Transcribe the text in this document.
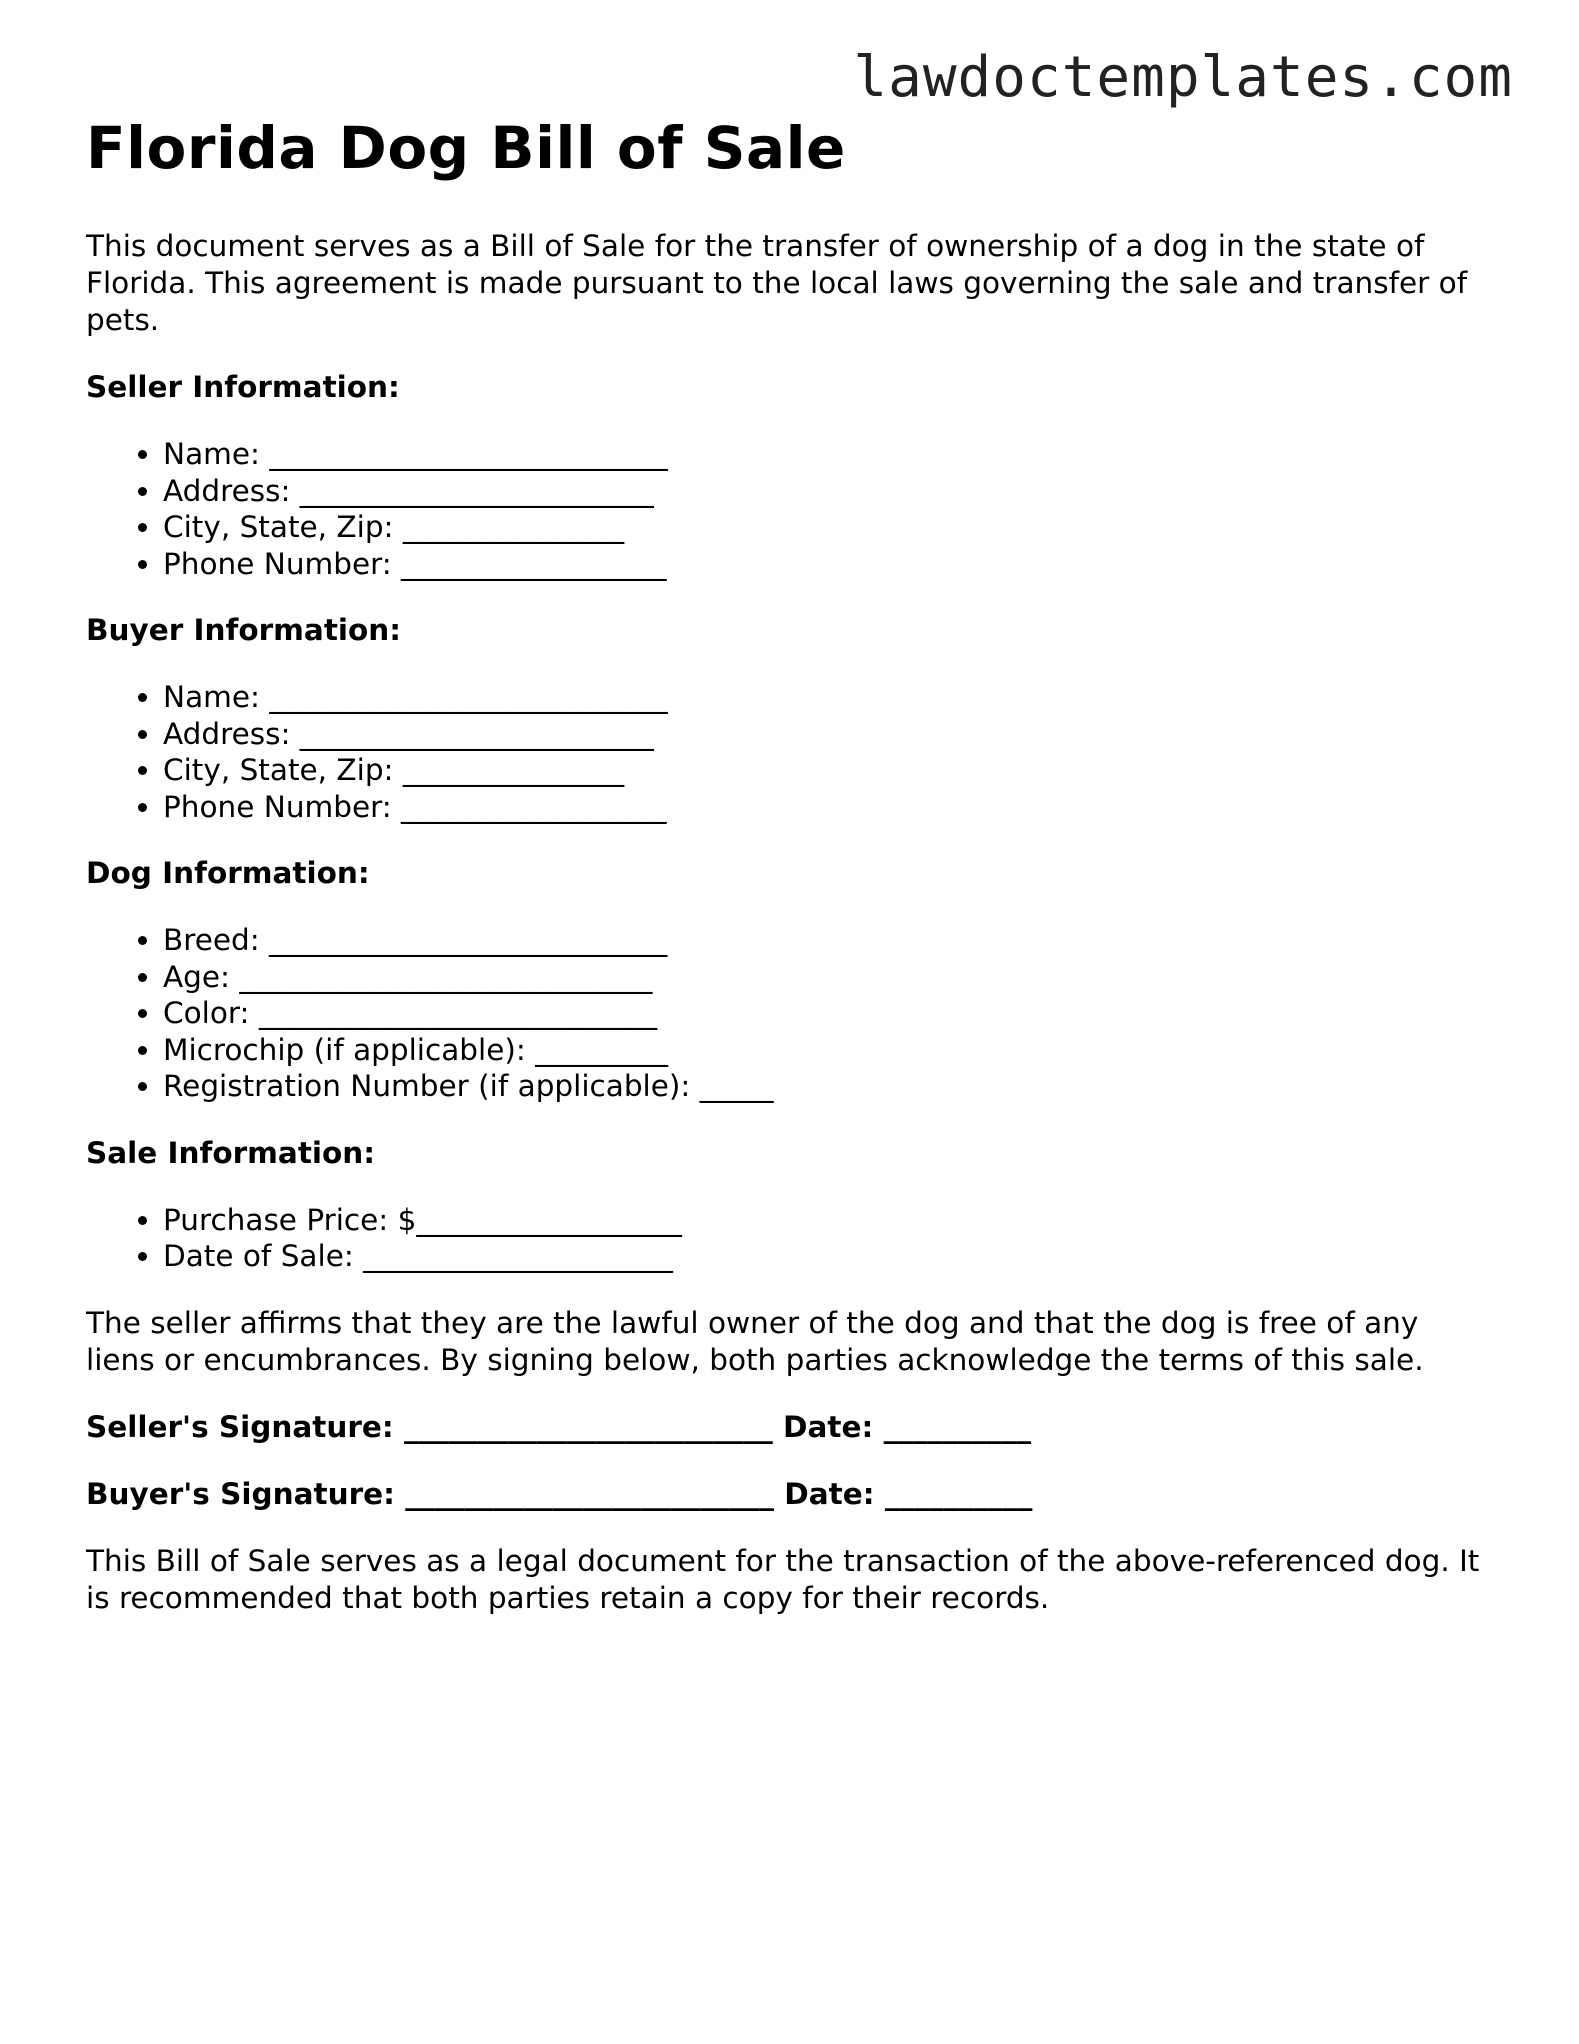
lawdoctemplates.com
Florida Dog Bill of Sale

This document serves as a Bill of Sale for the transfer of ownership of a dog in the state of Florida. This agreement is made pursuant to the local laws governing the sale and transfer of pets.

Seller Information:
• Name: ___________________________
• Address: ________________________
• City, State, Zip: _______________
• Phone Number: __________________
Buyer Information:
• Name: ___________________________
• Address: ________________________
• City, State, Zip: _______________
• Phone Number: __________________
Dog Information:
• Breed: ___________________________
• Age: ____________________________
• Color: ___________________________
• Microchip (if applicable): _________
• Registration Number (if applicable): _____
Sale Information:
• Purchase Price: $__________________
• Date of Sale: _____________________

The seller affirms that they are the lawful owner of the dog and that the dog is free of any liens or encumbrances. By signing below, both parties acknowledge the terms of this sale.

Seller's Signature: _________________________ Date: __________
Buyer's Signature: _________________________ Date: __________

This Bill of Sale serves as a legal document for the transaction of the above-referenced dog. It is recommended that both parties retain a copy for their records.
